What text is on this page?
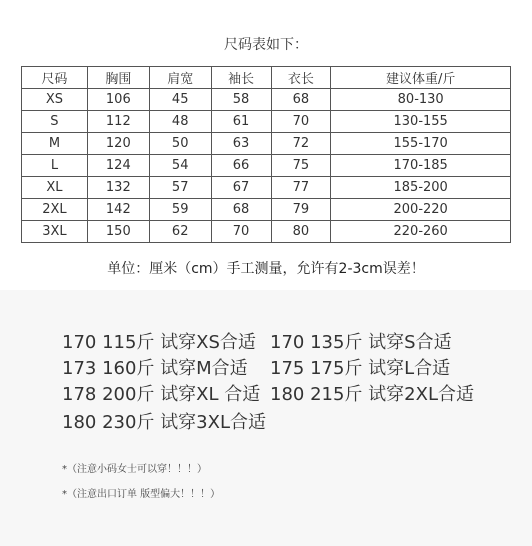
尺码表如下：
尺码	胸围	肩宽	袖长	衣长	建议体重/斤
XS	106	45	58	68	80-130
S	112	48	61	70	130-155
M	120	50	63	72	155-170
L	124	54	66	75	170-185
XL	132	57	67	77	185-200
2XL	142	59	68	79	200-220
3XL	150	62	70	80	220-260
单位：厘米（cm）手工测量，允许有2-3cm误差！
170 115斤 试穿XS合适 170 135斤 试穿S合适
173 160斤 试穿M合适 175 175斤 试穿L合适
178 200斤 试穿XL 合适 180 215斤 试穿2XL合适
180 230斤 试穿3XL合适
*（注意小码女士可以穿！！！）
*（注意出口订单 版型偏大！！！）
